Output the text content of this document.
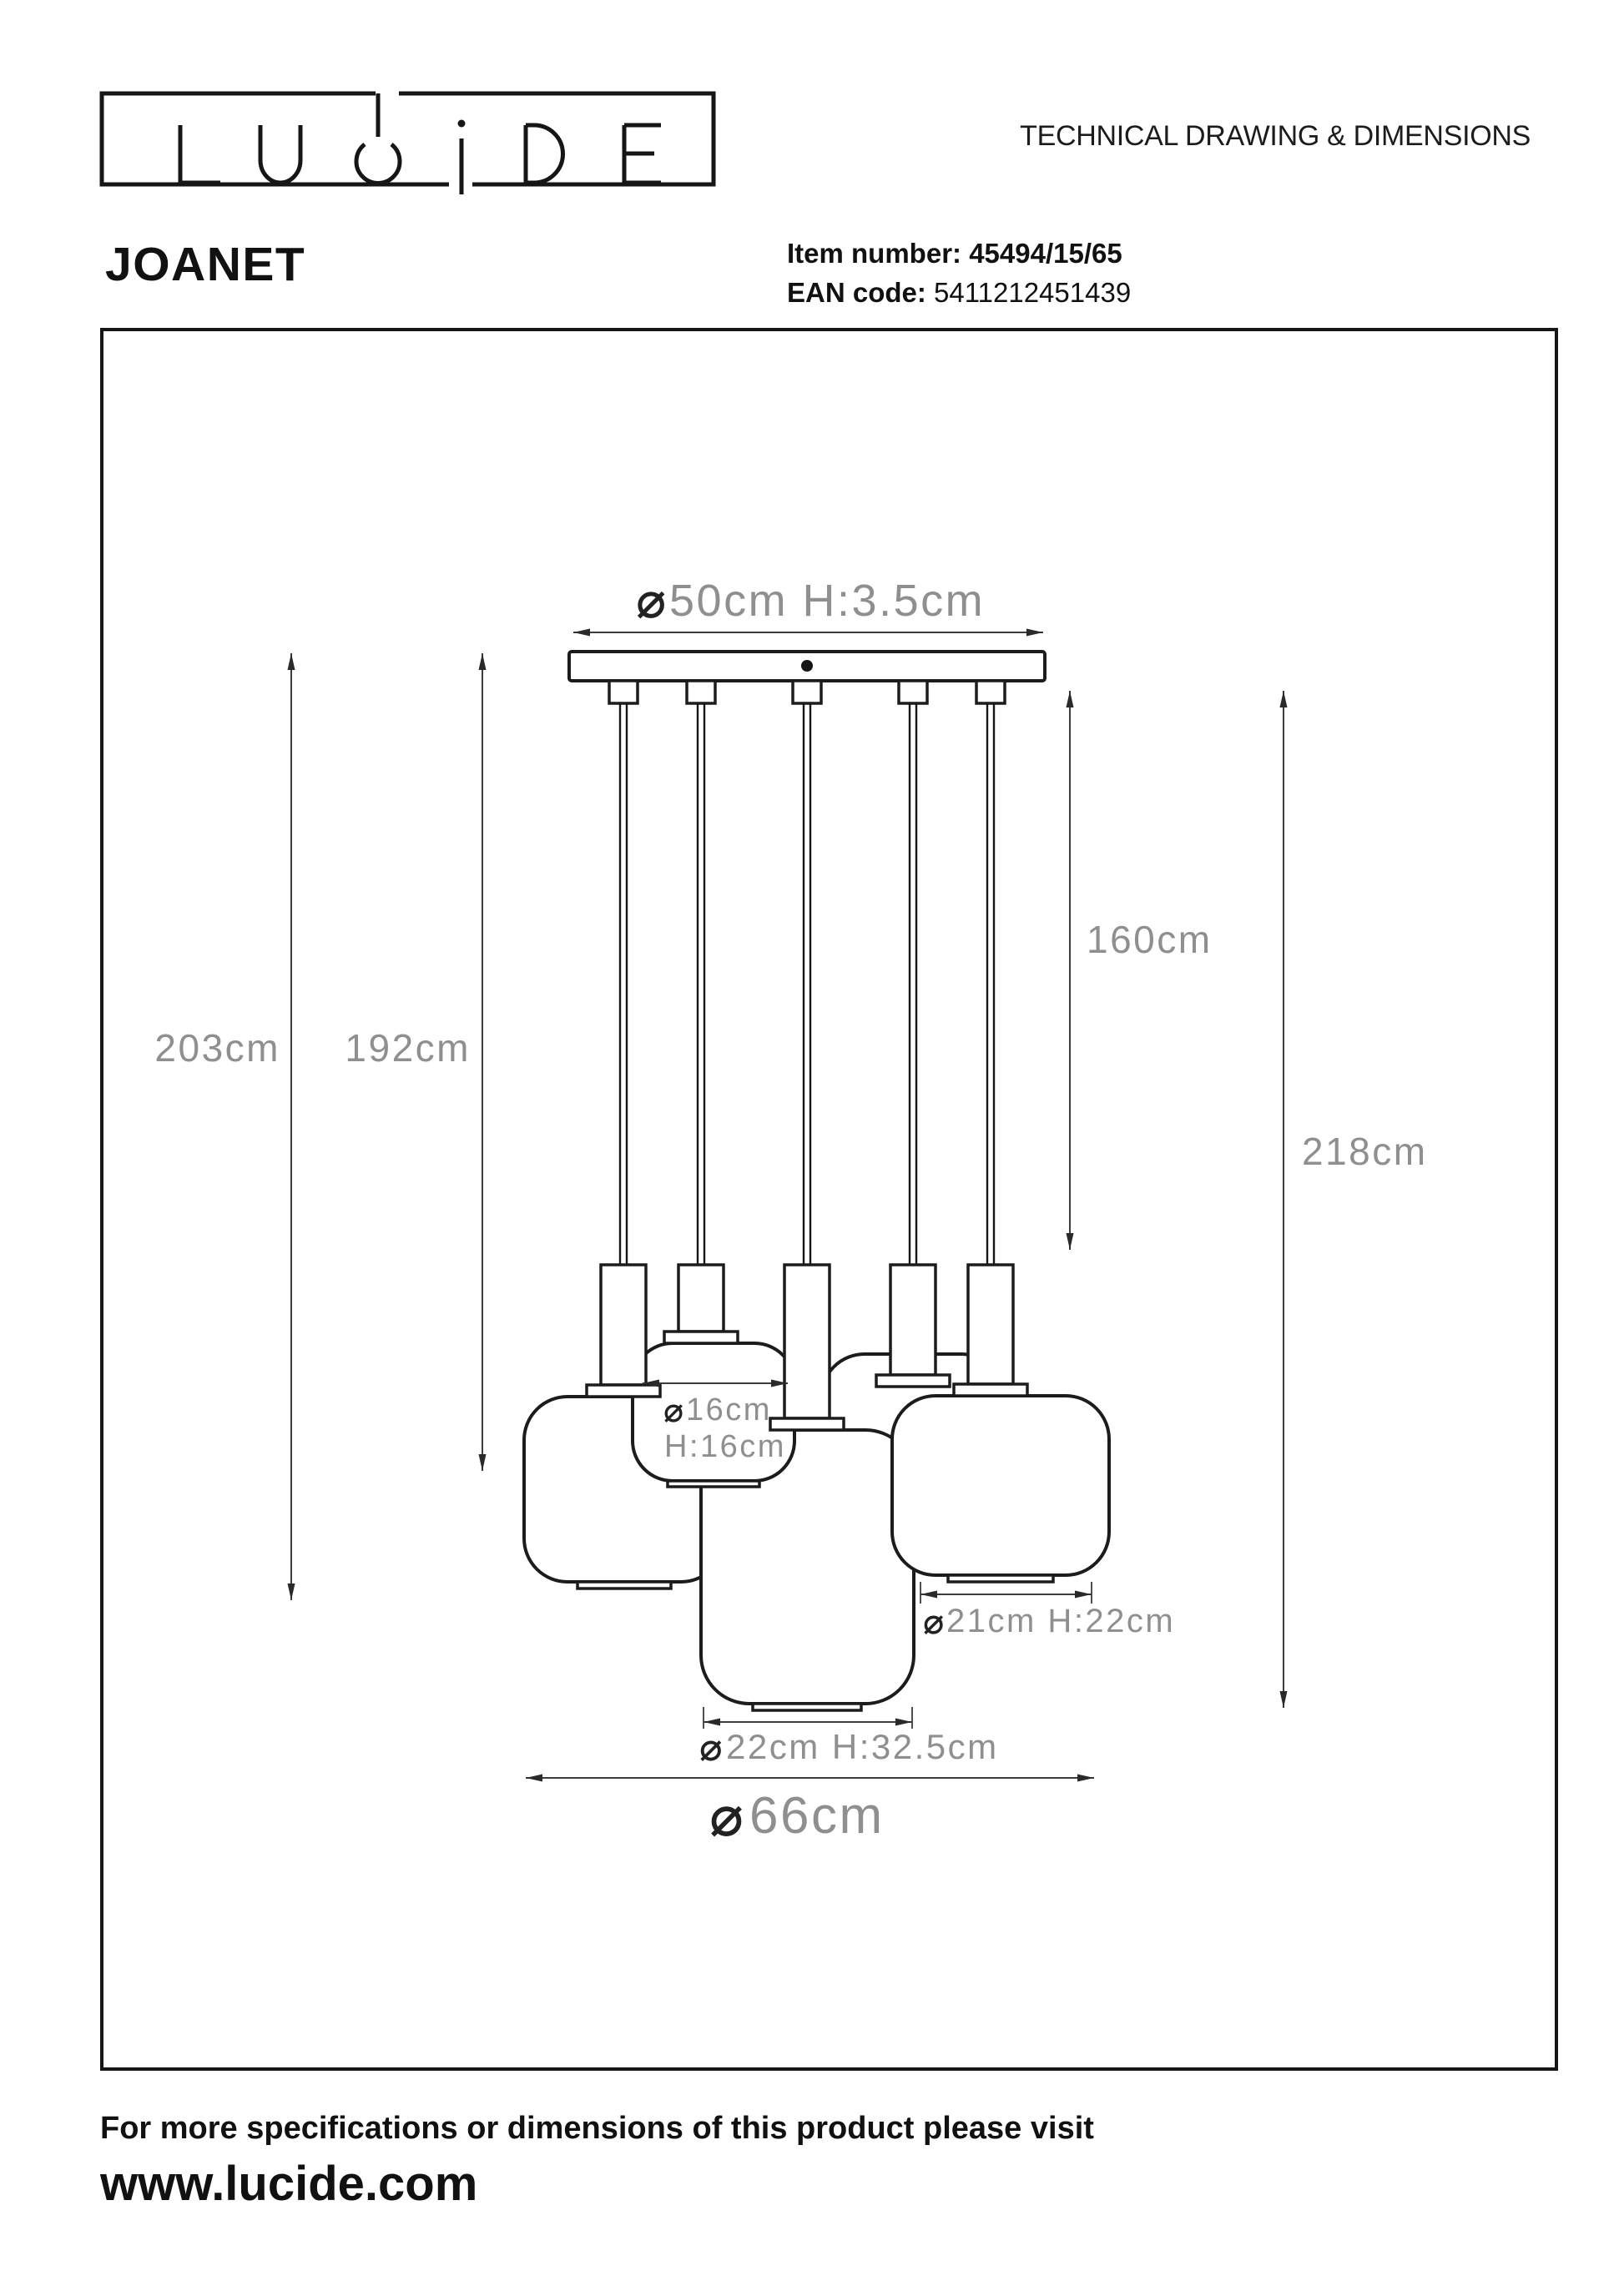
TECHNICAL DRAWING & DIMENSIONS
JOANET	Item number: 45494/15/65
EAN code: 5411212451439
⌀ 50cm H:3.5cm
203cm 192cm
160cm
218cm
⌀ 16cm
H:16cm
⌀ 21cm H:22cm
⌀ 22cm H:32.5cm
⌀ 66cm
For more specifications or dimensions of this product please visit
www.lucide.com
